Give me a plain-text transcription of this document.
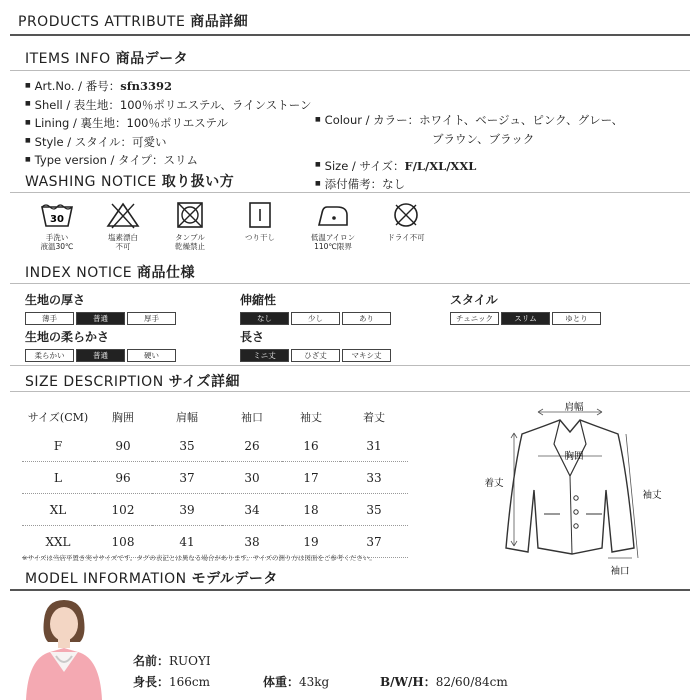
PRODUCTS ATTRIBUTE 商品詳細
ITEMS INFO 商品データ
■ Art.No. / 番号：sfn3392
■ Shell / 表生地：100％ポリエステル、ラインストーン
■ Lining / 裏生地：100％ポリエステル
■ Style / スタイル：可愛い
■ Type version / タイプ：スリム
■ Colour / カラー：ホワイト、ベージュ、ピンク、グレー、
ブラウン、ブラック
■ Size / サイズ：F/L/XL/XXL
■ 添付備考：なし
WASHING NOTICE 取り扱い方
30
手洗い
液温30℃
塩素漂白
不可
タンブル
乾燥禁止
つり干し	低温アイロン
110℃限界
ドライ不可
INDEX NOTICE 商品仕様
生地の厚さ
薄手	普通	厚手
生地の柔らかさ
柔らかい	普通	硬い
伸縮性
なし	少し	あり
長さ
ミニ丈	ひざ丈	マキシ丈
スタイル
チュニック	スリム	ゆとり
SIZE DESCRIPTION サイズ詳細
サイズ(CM)	胸囲	肩幅	袖口	袖丈	着丈
F	90	35	26	16	31
L	96	37	30	17	33
XL	102	39	34	18	35
XXL	108	41	38	19	37
※サイズは当店平置き実寸サイズです。タグの表記とは異なる場合があります。サイズの測り方は図面をご参考ください。
肩幅
胸囲
着丈
袖丈
袖口
MODEL INFORMATION モデルデータ
名前：RUOYI
身長：166cm	体重：43kg	B/W/H：82/60/84cm
